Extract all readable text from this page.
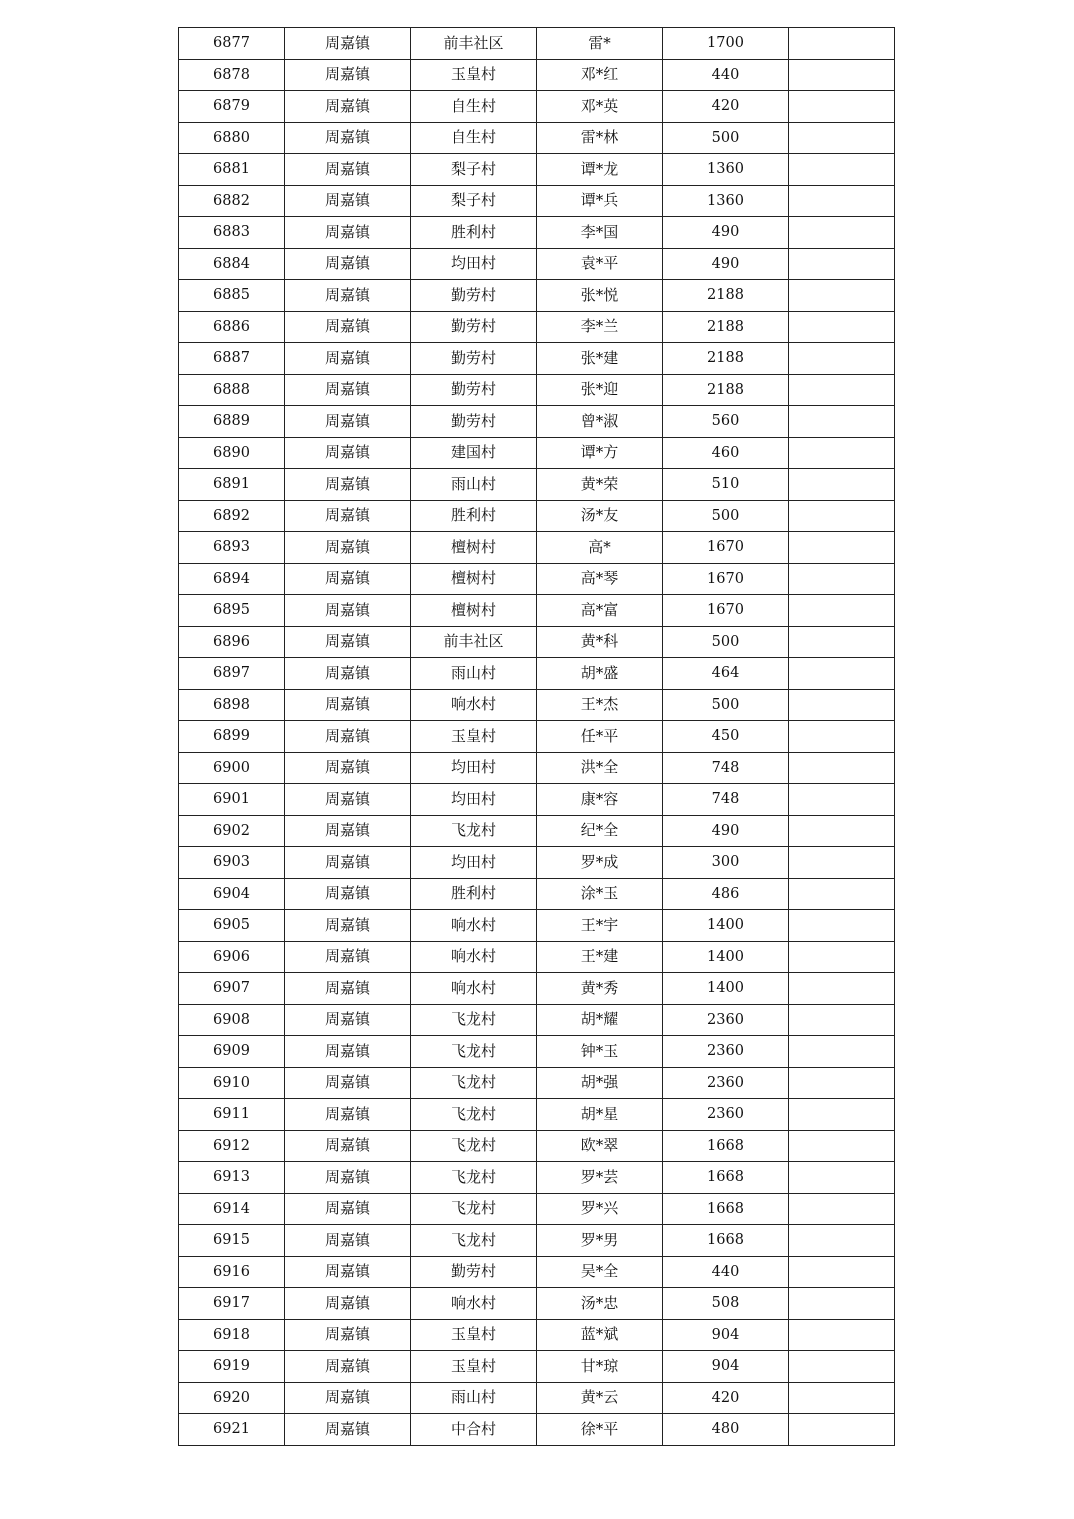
6877	周嘉镇	前丰社区	雷*	1700	
6878	周嘉镇	玉皇村	邓*红	440	
6879	周嘉镇	自生村	邓*英	420	
6880	周嘉镇	自生村	雷*林	500	
6881	周嘉镇	梨子村	谭*龙	1360	
6882	周嘉镇	梨子村	谭*兵	1360	
6883	周嘉镇	胜利村	李*国	490	
6884	周嘉镇	均田村	袁*平	490	
6885	周嘉镇	勤劳村	张*悦	2188	
6886	周嘉镇	勤劳村	李*兰	2188	
6887	周嘉镇	勤劳村	张*建	2188	
6888	周嘉镇	勤劳村	张*迎	2188	
6889	周嘉镇	勤劳村	曾*淑	560	
6890	周嘉镇	建国村	谭*方	460	
6891	周嘉镇	雨山村	黄*荣	510	
6892	周嘉镇	胜利村	汤*友	500	
6893	周嘉镇	檀树村	高*	1670	
6894	周嘉镇	檀树村	高*琴	1670	
6895	周嘉镇	檀树村	高*富	1670	
6896	周嘉镇	前丰社区	黄*科	500	
6897	周嘉镇	雨山村	胡*盛	464	
6898	周嘉镇	响水村	王*杰	500	
6899	周嘉镇	玉皇村	任*平	450	
6900	周嘉镇	均田村	洪*全	748	
6901	周嘉镇	均田村	康*容	748	
6902	周嘉镇	飞龙村	纪*全	490	
6903	周嘉镇	均田村	罗*成	300	
6904	周嘉镇	胜利村	涂*玉	486	
6905	周嘉镇	响水村	王*宇	1400	
6906	周嘉镇	响水村	王*建	1400	
6907	周嘉镇	响水村	黄*秀	1400	
6908	周嘉镇	飞龙村	胡*耀	2360	
6909	周嘉镇	飞龙村	钟*玉	2360	
6910	周嘉镇	飞龙村	胡*强	2360	
6911	周嘉镇	飞龙村	胡*星	2360	
6912	周嘉镇	飞龙村	欧*翠	1668	
6913	周嘉镇	飞龙村	罗*芸	1668	
6914	周嘉镇	飞龙村	罗*兴	1668	
6915	周嘉镇	飞龙村	罗*男	1668	
6916	周嘉镇	勤劳村	吴*全	440	
6917	周嘉镇	响水村	汤*忠	508	
6918	周嘉镇	玉皇村	蓝*斌	904	
6919	周嘉镇	玉皇村	甘*琼	904	
6920	周嘉镇	雨山村	黄*云	420	
6921	周嘉镇	中合村	徐*平	480	
